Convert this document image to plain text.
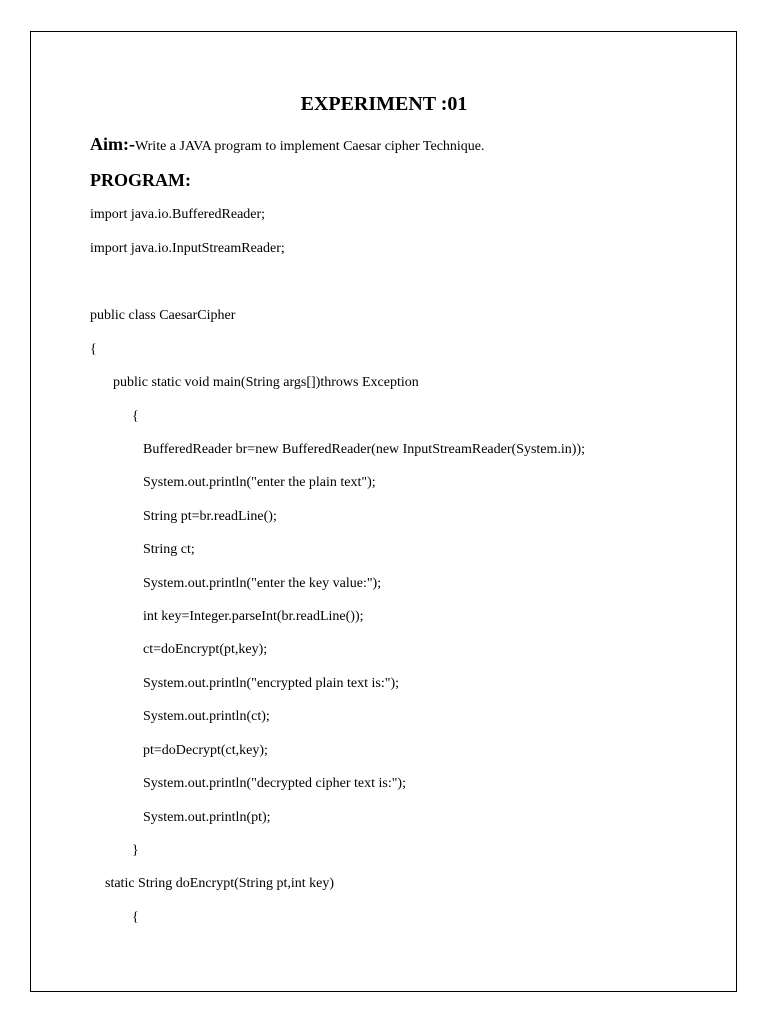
EXPERIMENT :01
Aim:-Write a JAVA program to implement Caesar cipher Technique.
PROGRAM:
import java.io.BufferedReader;
import java.io.InputStreamReader;
public class CaesarCipher
{
public static void main(String args[])throws Exception
{
BufferedReader br=new BufferedReader(new InputStreamReader(System.in));
System.out.println("enter the plain text");
String pt=br.readLine();
String ct;
System.out.println("enter the key value:");
int key=Integer.parseInt(br.readLine());
ct=doEncrypt(pt,key);
System.out.println("encrypted plain text is:");
System.out.println(ct);
pt=doDecrypt(ct,key);
System.out.println("decrypted cipher text is:");
System.out.println(pt);
}
static String doEncrypt(String pt,int key)
{
